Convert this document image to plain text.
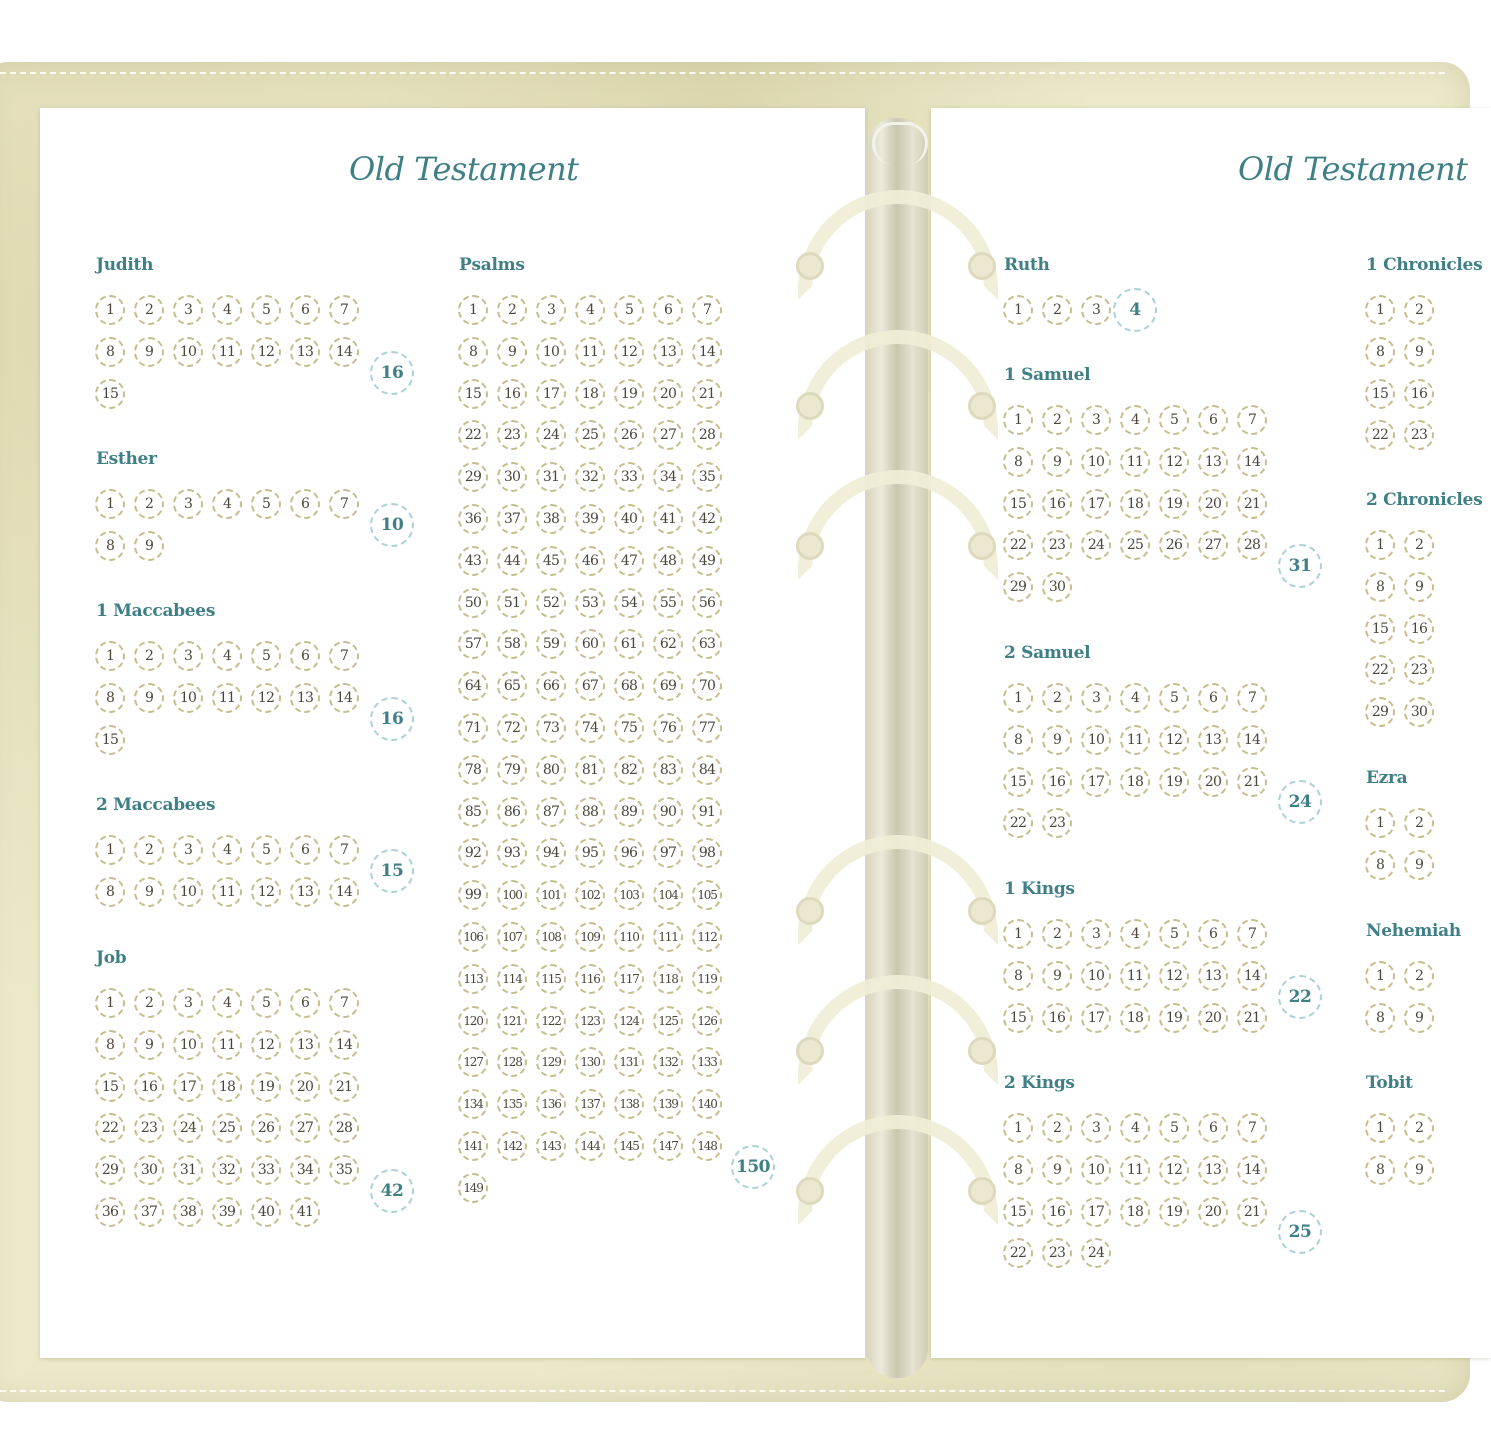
Old Testament	Old Testament
Judith
1	2	3	4	5	6	7
8	9	10	11	12	13	14
15
16
Esther
1	2	3	4	5	6	7
8	9
10
1 Maccabees
1	2	3	4	5	6	7
8	9	10	11	12	13	14
15
16
2 Maccabees
1	2	3	4	5	6	7
8	9	10	11	12	13	14
15
Job
1	2	3	4	5	6	7
8	9	10	11	12	13	14
15	16	17	18	19	20	21
22	23	24	25	26	27	28
29	30	31	32	33	34	35
36	37	38	39	40	41
42
Psalms
1	2	3	4	5	6	7
8	9	10	11	12	13	14
15	16	17	18	19	20	21
22	23	24	25	26	27	28
29	30	31	32	33	34	35
36	37	38	39	40	41	42
43	44	45	46	47	48	49
50	51	52	53	54	55	56
57	58	59	60	61	62	63
64	65	66	67	68	69	70
71	72	73	74	75	76	77
78	79	80	81	82	83	84
85	86	87	88	89	90	91
92	93	94	95	96	97	98
99	100	101	102	103	104	105
106	107	108	109	110	111	112
113	114	115	116	117	118	119
120	121	122	123	124	125	126
127	128	129	130	131	132	133
134	135	136	137	138	139	140
141	142	143	144	145	147	148
149
150
Ruth
1	2	3	4
1 Samuel
1	2	3	4	5	6	7
8	9	10	11	12	13	14
15	16	17	18	19	20	21
22	23	24	25	26	27	28
29	30
31
2 Samuel
1	2	3	4	5	6	7
8	9	10	11	12	13	14
15	16	17	18	19	20	21
22	23
24
1 Kings
1	2	3	4	5	6	7
8	9	10	11	12	13	14
15	16	17	18	19	20	21
22
2 Kings
1	2	3	4	5	6	7
8	9	10	11	12	13	14
15	16	17	18	19	20	21
22	23	24
25
1 Chronicles
1	2
8	9
15	16
22	23
2 Chronicles
1	2
8	9
15	16
22	23
29	30
Ezra
1	2
8	9
Nehemiah
1	2
8	9
Tobit
1	2
8	9
